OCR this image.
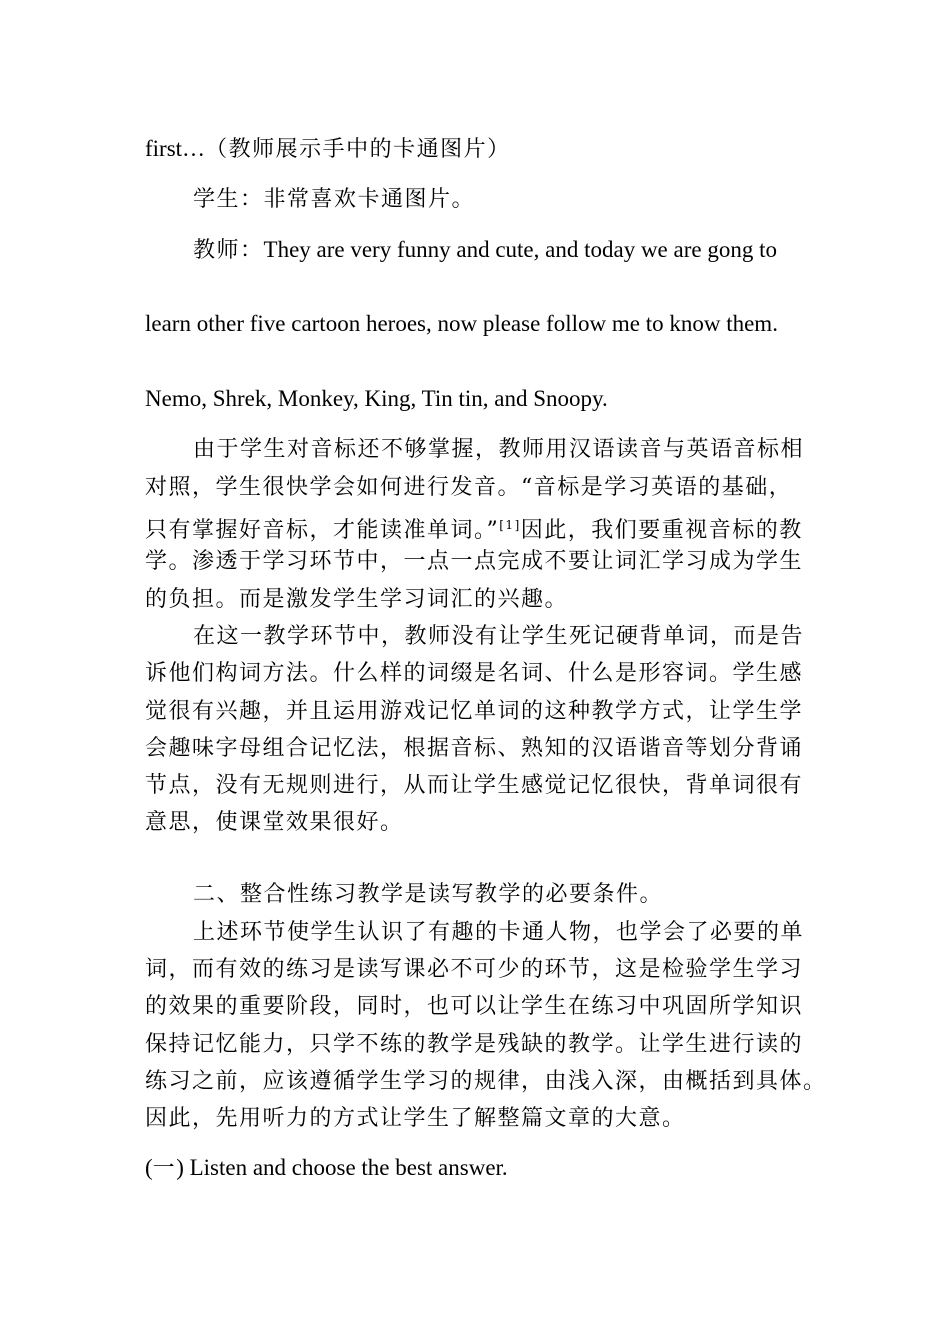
first…（教师展示手中的卡通图片）
学生：非常喜欢卡通图片。
教师：They are very funny and cute, and today we are gong to
learn other five cartoon heroes, now please follow me to know them.
Nemo, Shrek, Monkey, King, Tin tin, and Snoopy.
由于学生对音标还不够掌握，教师用汉语读音与英语音标相
对照，学生很快学会如何进行发音。“音标是学习英语的基础，
只有掌握好音标，才能读准单词。”[1]因此，我们要重视音标的教
学。渗透于学习环节中，一点一点完成不要让词汇学习成为学生
的负担。而是激发学生学习词汇的兴趣。
在这一教学环节中，教师没有让学生死记硬背单词，而是告
诉他们构词方法。什么样的词缀是名词、什么是形容词。学生感
觉很有兴趣，并且运用游戏记忆单词的这种教学方式，让学生学
会趣味字母组合记忆法，根据音标、熟知的汉语谐音等划分背诵
节点，没有无规则进行，从而让学生感觉记忆很快，背单词很有
意思，使课堂效果很好。
二、整合性练习教学是读写教学的必要条件。
上述环节使学生认识了有趣的卡通人物，也学会了必要的单
词，而有效的练习是读写课必不可少的环节，这是检验学生学习
的效果的重要阶段，同时，也可以让学生在练习中巩固所学知识
保持记忆能力，只学不练的教学是残缺的教学。让学生进行读的
练习之前，应该遵循学生学习的规律，由浅入深，由概括到具体。
因此，先用听力的方式让学生了解整篇文章的大意。
(一) Listen and choose the best answer.
